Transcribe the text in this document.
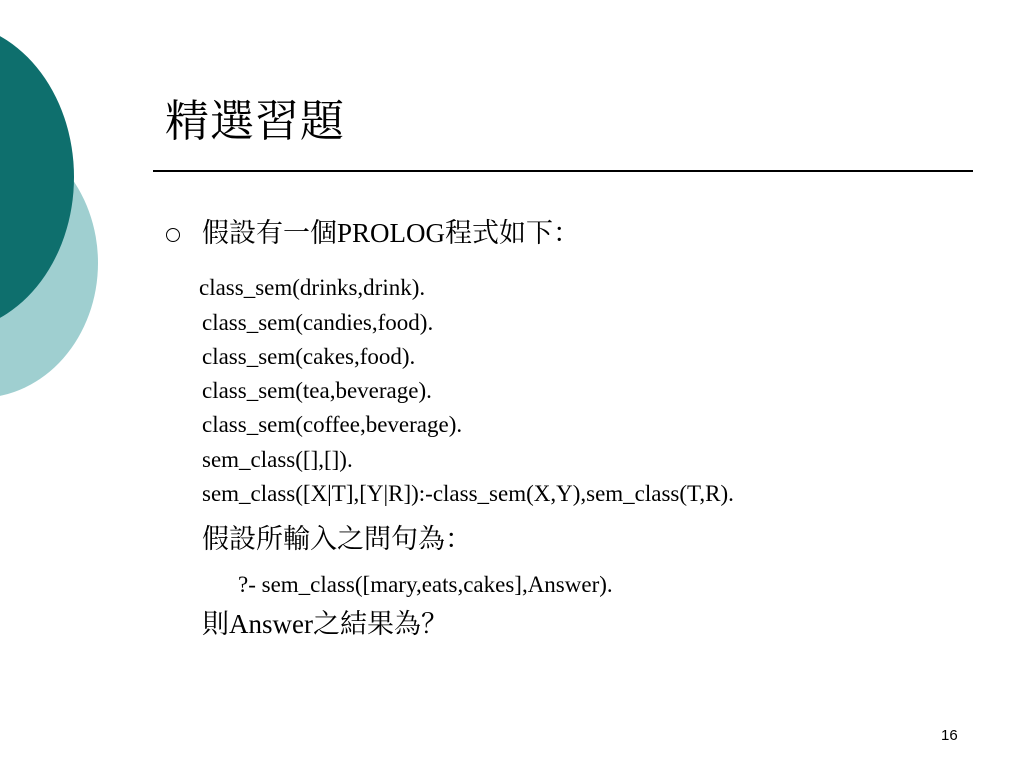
精選習題
假設有一個PROLOG程式如下：
class_sem(drinks,drink).
class_sem(candies,food).
class_sem(cakes,food).
class_sem(tea,beverage).
class_sem(coffee,beverage).
sem_class([],[]).
sem_class([X|T],[Y|R]):-class_sem(X,Y),sem_class(T,R).
假設所輸入之問句為：
?- sem_class([mary,eats,cakes],Answer).
則Answer之結果為？
16
